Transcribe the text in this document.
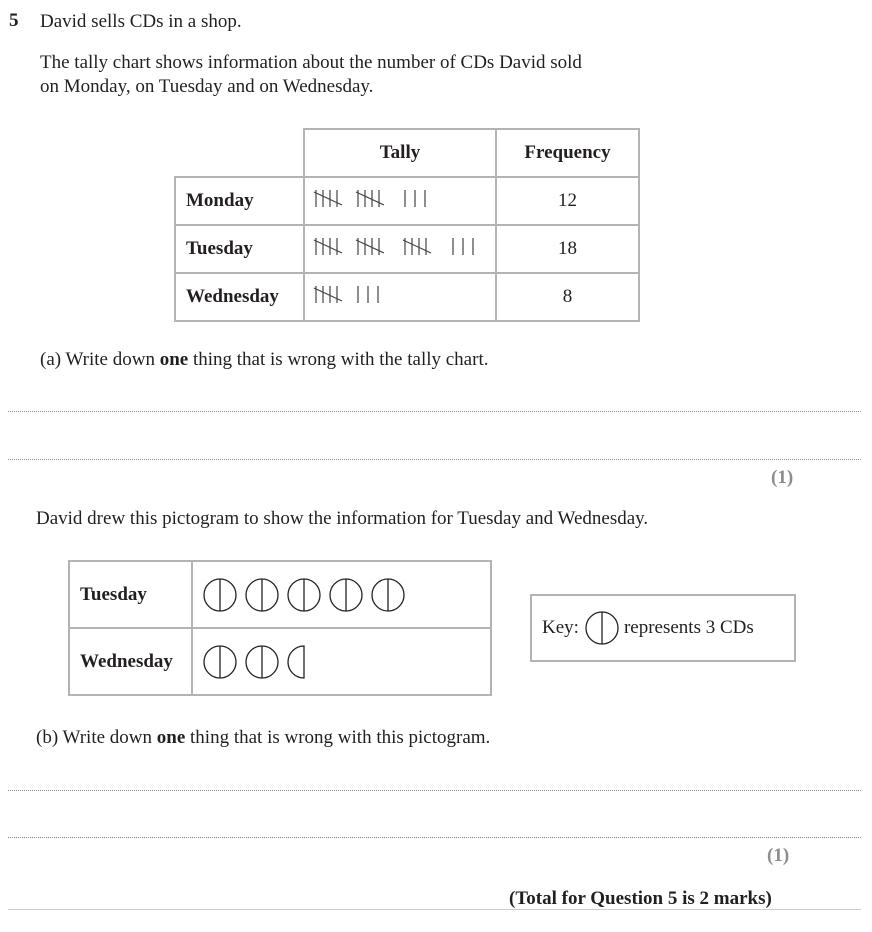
5 David sells CDs in a shop.
The tally chart shows information about the number of CDs David sold
on Monday, on Tuesday and on Wednesday.
	Tally	Frequency
Monday		12
Tuesday		18
Wednesday		8
(a) Write down one thing that is wrong with the tally chart.
(1)
David drew this pictogram to show the information for Tuesday and Wednesday.
Tuesday	
Wednesday	
Key: represents 3 CDs
(b) Write down one thing that is wrong with this pictogram.
(1)
(Total for Question 5 is 2 marks)
